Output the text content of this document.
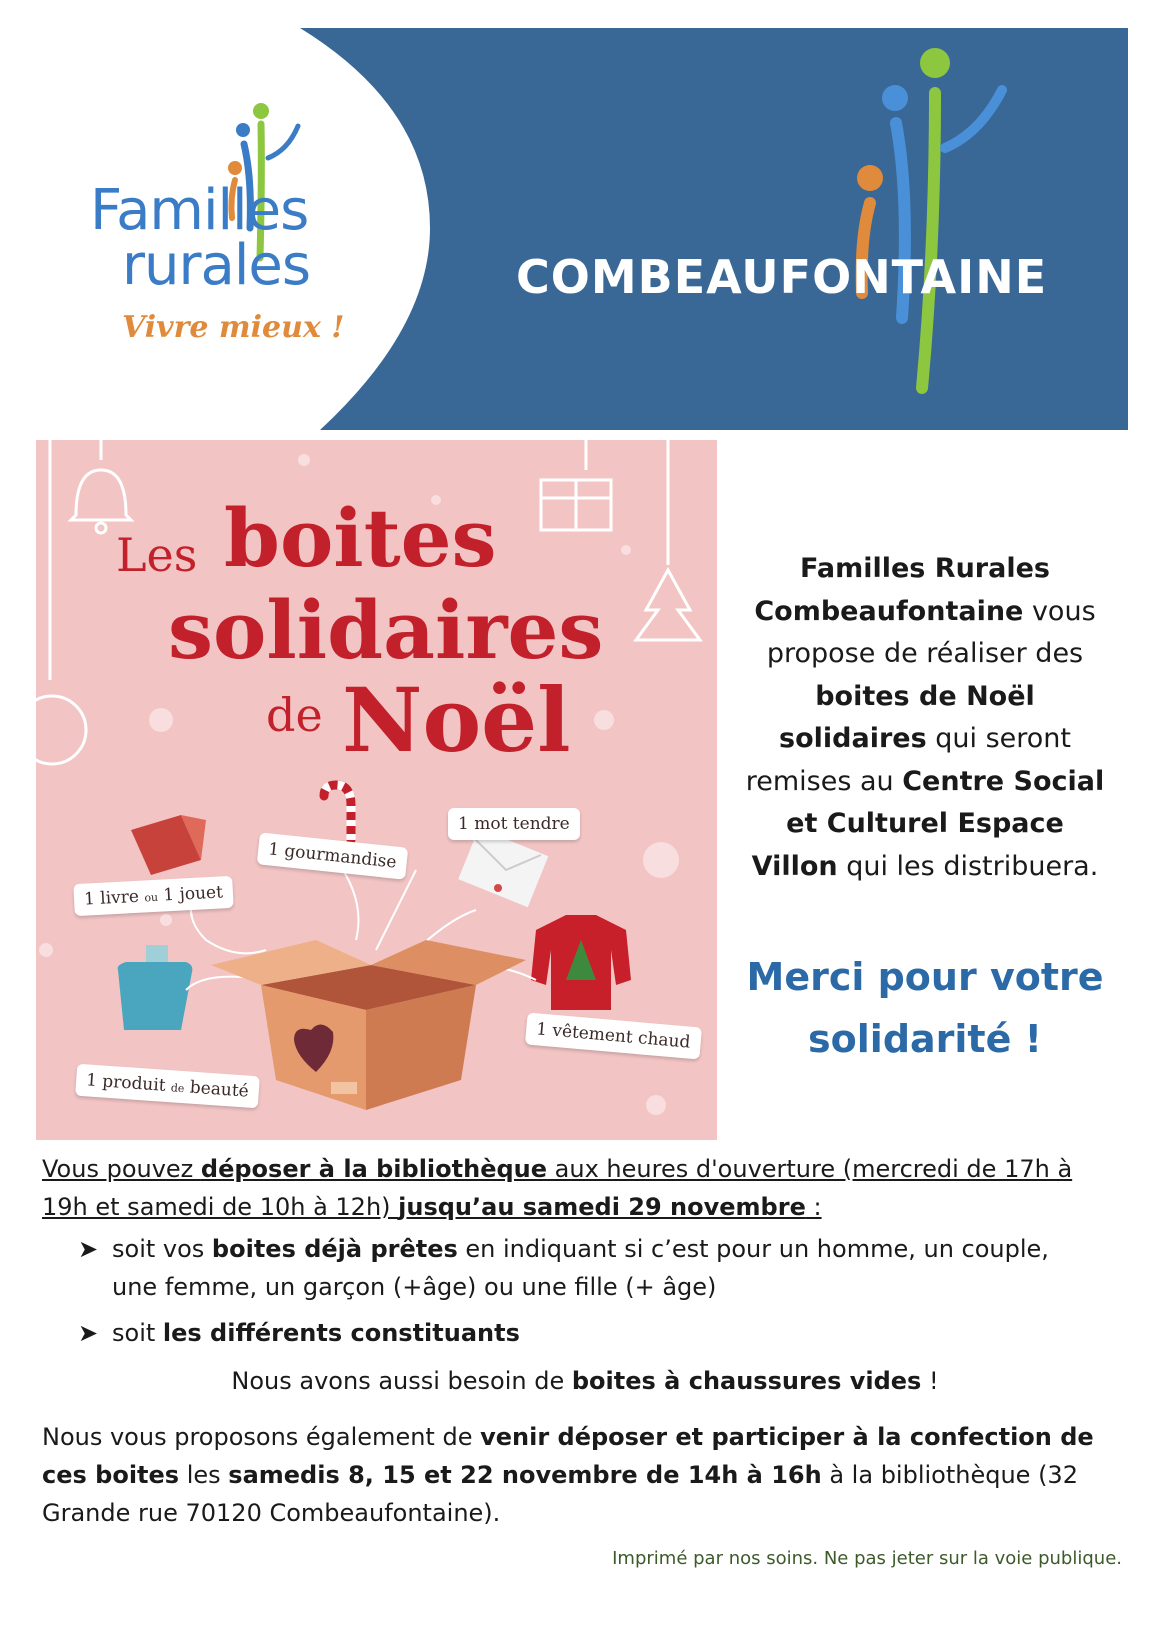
Familles
rurales
Vivre mieux !
COMBEAUFONTAINE
Les boites
solidaires
de Noël
1 livre ou 1 jouet
1 gourmandise
1 mot tendre
1 vêtement chaud
1 produit de beauté
Familles Rurales Combeaufontaine vous propose de réaliser des boites de Noël solidaires qui seront remises au Centre Social et Culturel Espace Villon qui les distribuera.
Merci pour votre solidarité !
Vous pouvez déposer à la bibliothèque aux heures d'ouverture (mercredi de 17h à 19h et samedi de 10h à 12h) jusqu’au samedi 29 novembre :
➤ soit vos boites déjà prêtes en indiquant si c’est pour un homme, un couple, une femme, un garçon (+âge) ou une fille (+ âge)
➤ soit les différents constituants
Nous avons aussi besoin de boites à chaussures vides !
Nous vous proposons également de venir déposer et participer à la confection de ces boites les samedis 8, 15 et 22 novembre de 14h à 16h à la bibliothèque (32 Grande rue 70120 Combeaufontaine).
Imprimé par nos soins. Ne pas jeter sur la voie publique.
